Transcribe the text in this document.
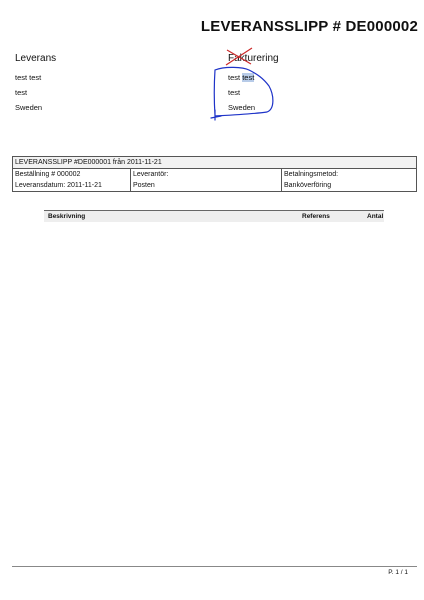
LEVERANSSLIPP # DE000002
Leverans
test test
test
Sweden
Fakturering
test test
test
Sweden
LEVERANSSLIPP #DE000001 från 2011-11-21		
Beställning # 000002	Leverantör:	Betalningsmetod:
Leveransdatum: 2011-11-21	Posten	Banköverföring
Beskrivning	Referens	Antal
P. 1 / 1
